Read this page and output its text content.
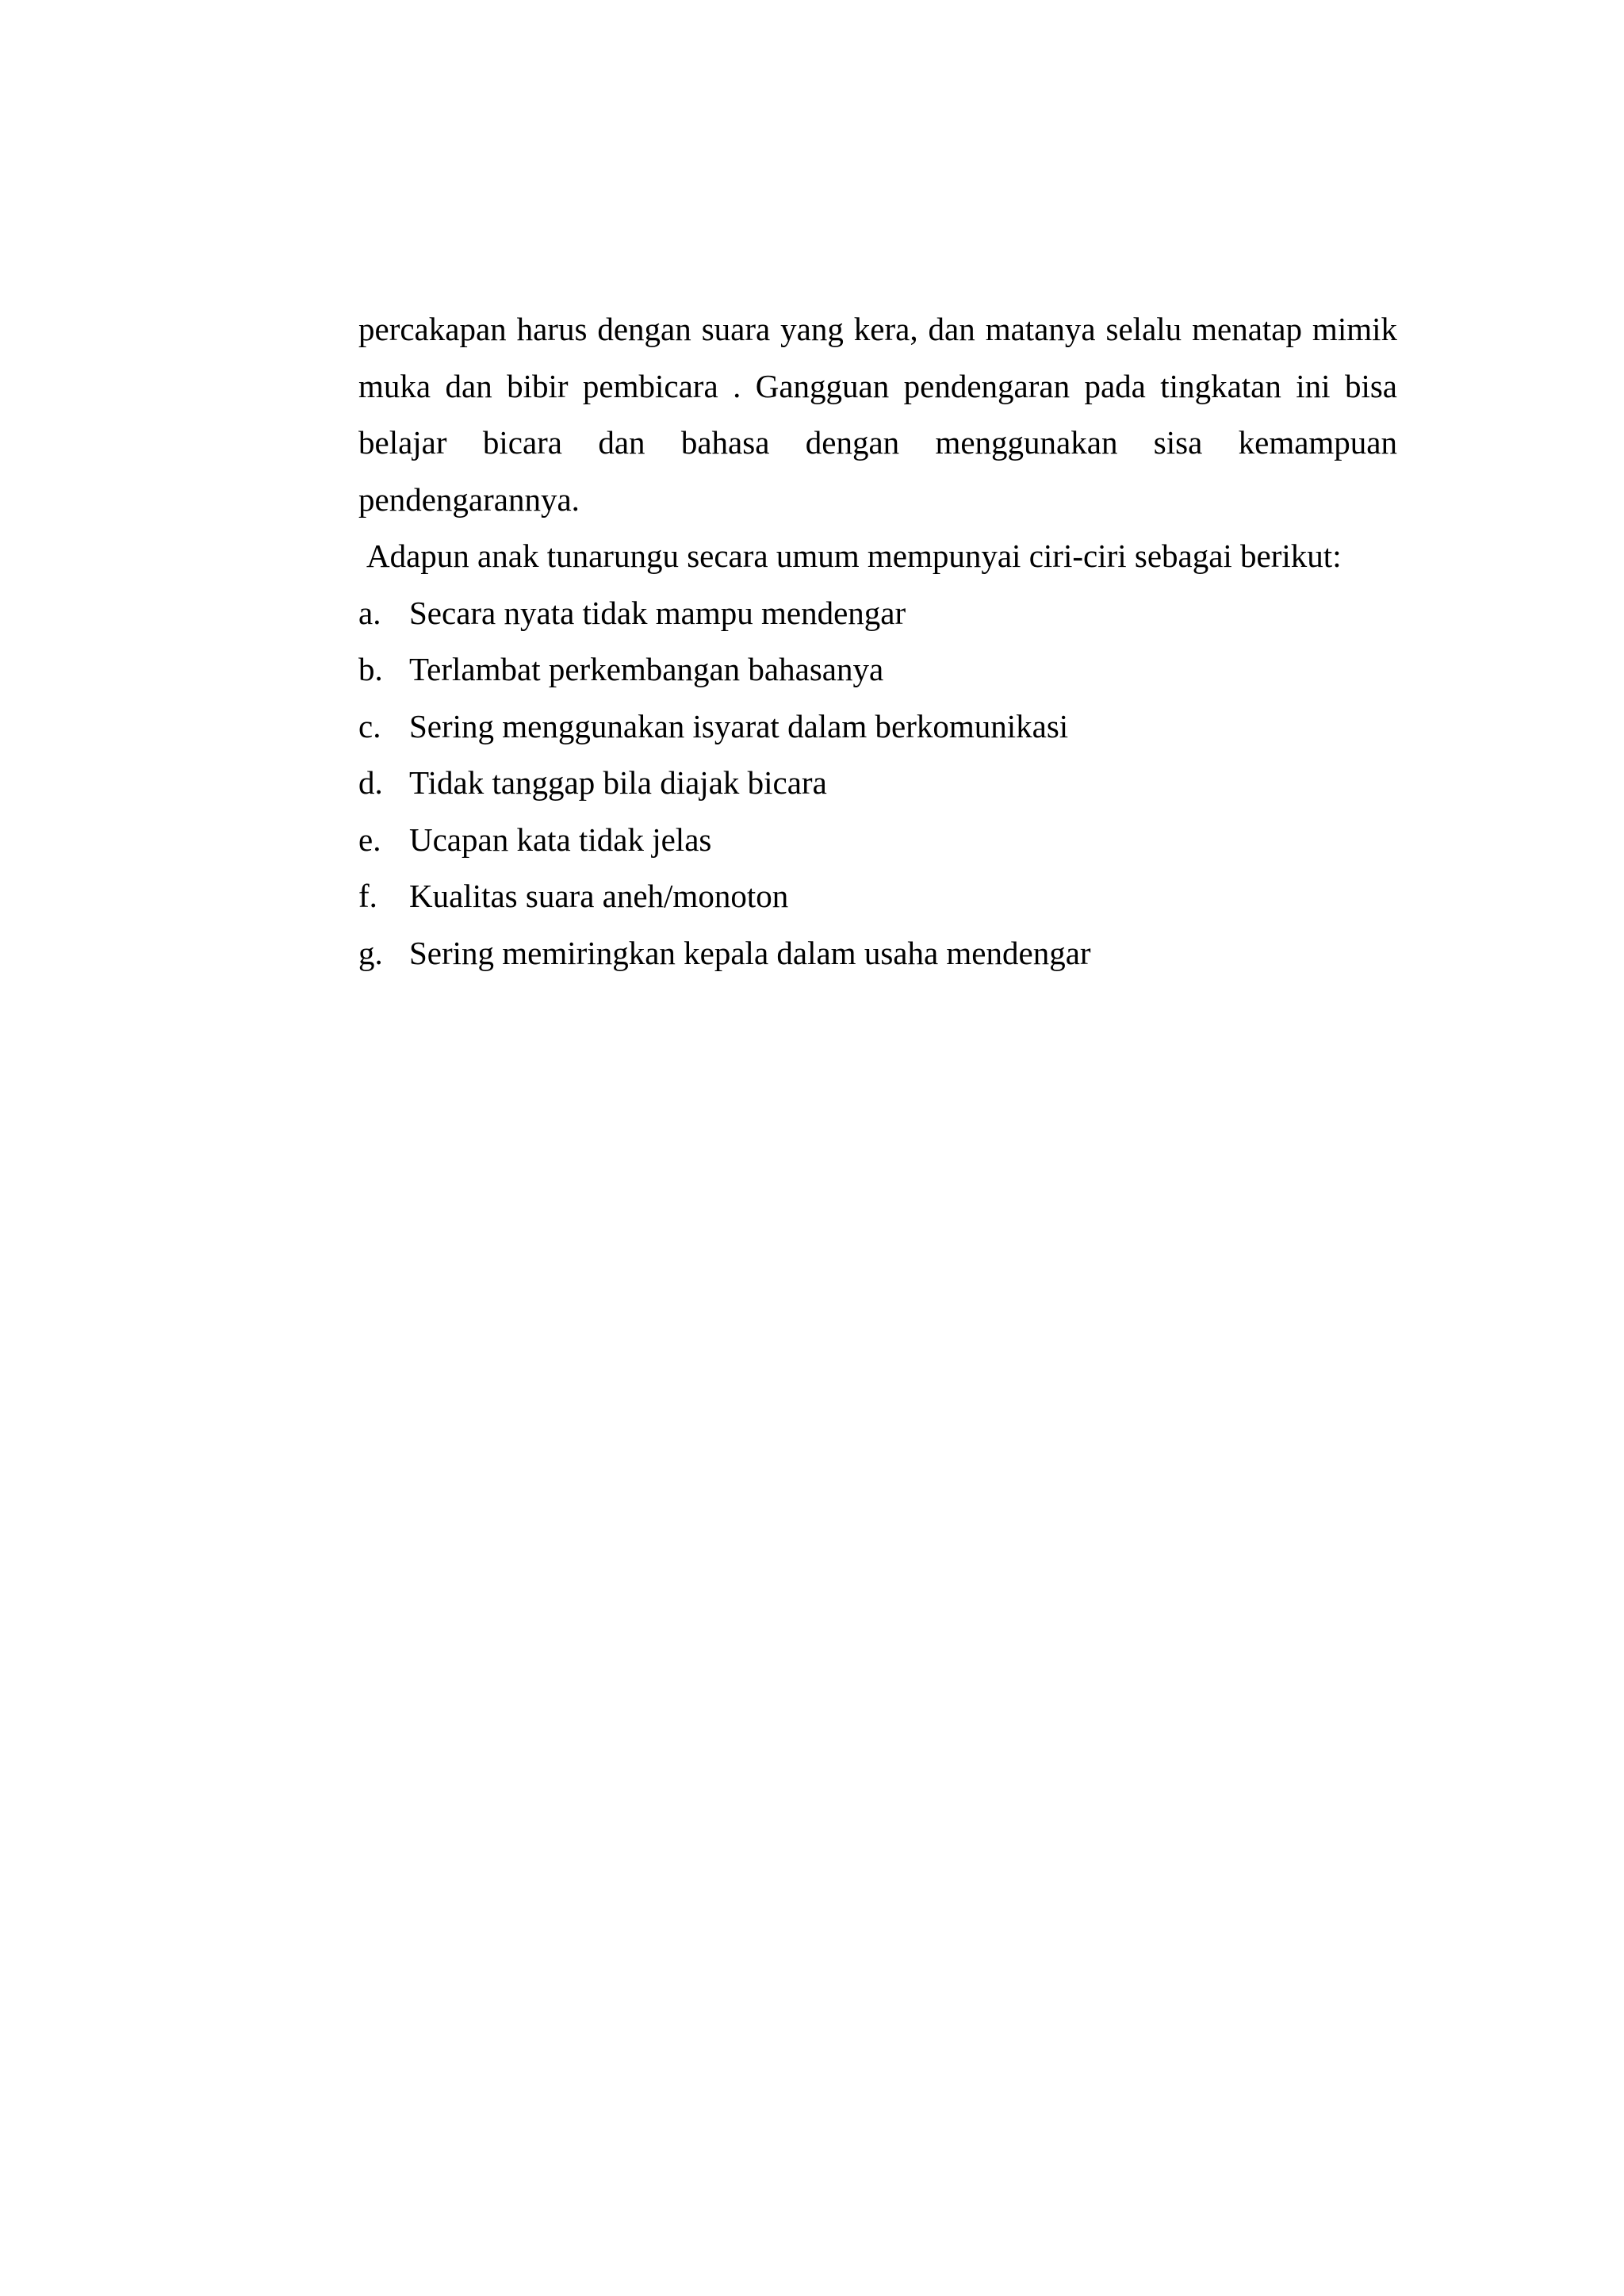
percakapan harus dengan suara yang kera, dan matanya selalu menatap mimik muka dan bibir pembicara . Gangguan pendengaran pada tingkatan ini bisa belajar bicara dan bahasa dengan menggunakan sisa kemampuan pendengarannya.

Adapun anak tunarungu secara umum mempunyai ciri-ciri sebagai berikut:

a. Secara nyata tidak mampu mendengar
b. Terlambat perkembangan bahasanya
c. Sering menggunakan isyarat dalam berkomunikasi
d. Tidak tanggap bila diajak bicara
e. Ucapan kata tidak jelas
f. Kualitas suara aneh/monoton
g. Sering memiringkan kepala dalam usaha mendengar
